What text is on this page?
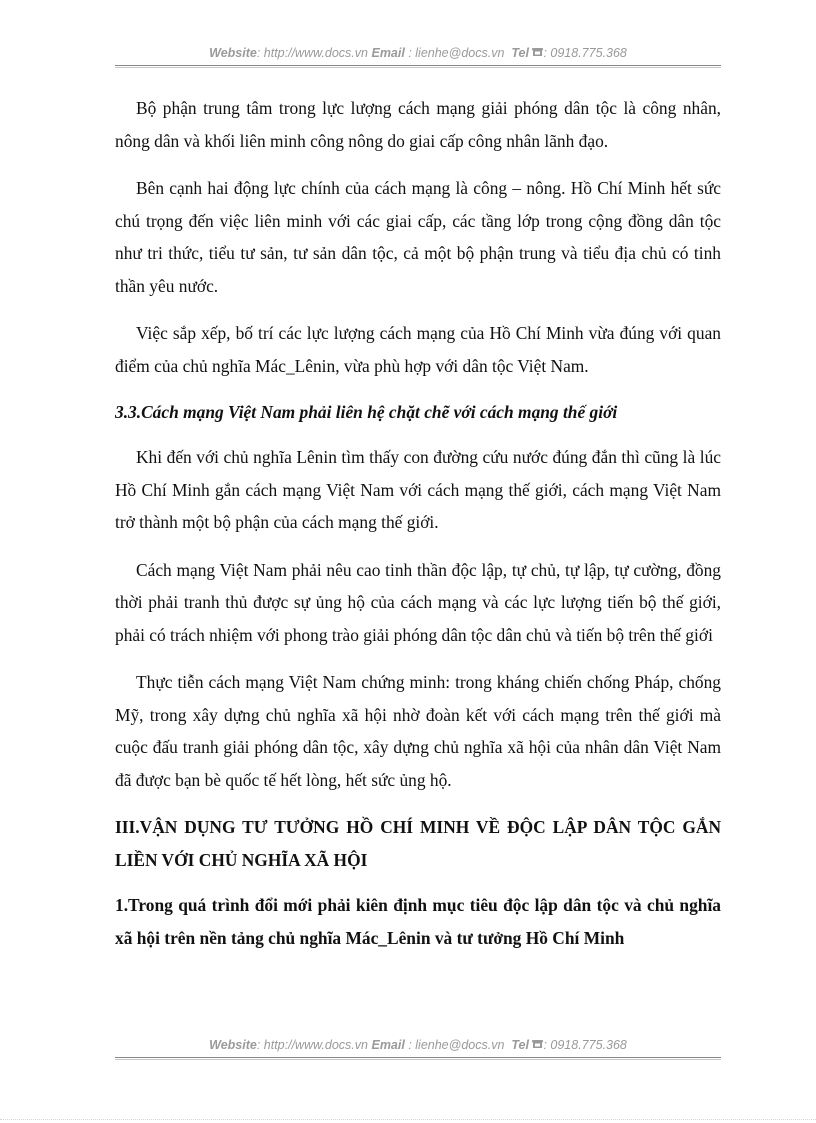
Website: http://www.docs.vn Email : lienhe@docs.vn Tel : 0918.775.368

Bộ phận trung tâm trong lực lượng cách mạng giải phóng dân tộc là công nhân, nông dân và khối liên minh công nông do giai cấp công nhân lãnh đạo.

Bên cạnh hai động lực chính của cách mạng là công – nông. Hồ Chí Minh hết sức chú trọng đến việc liên minh với các giai cấp, các tầng lớp trong cộng đồng dân tộc như tri thức, tiểu tư sản, tư sản dân tộc, cả một bộ phận trung và tiểu địa chủ có tinh thần yêu nước.

Việc sắp xếp, bố trí các lực lượng cách mạng của Hồ Chí Minh vừa đúng với quan điểm của chủ nghĩa Mác_Lênin, vừa phù hợp với dân tộc Việt Nam.

3.3.Cách mạng Việt Nam phải liên hệ chặt chẽ với cách mạng thế giới

Khi đến với chủ nghĩa Lênin tìm thấy con đường cứu nước đúng đắn thì cũng là lúc Hồ Chí Minh gắn cách mạng Việt Nam với cách mạng thế giới, cách mạng Việt Nam trở thành một bộ phận của cách mạng thế giới.

Cách mạng Việt Nam phải nêu cao tinh thần độc lập, tự chủ, tự lập, tự cường, đồng thời phải tranh thủ được sự ủng hộ của cách mạng và các lực lượng tiến bộ thế giới, phải có trách nhiệm với phong trào giải phóng dân tộc dân chủ và tiến bộ trên thế giới

Thực tiễn cách mạng Việt Nam chứng minh: trong kháng chiến chống Pháp, chống Mỹ, trong xây dựng chủ nghĩa xã hội nhờ đoàn kết với cách mạng trên thế giới mà cuộc đấu tranh giải phóng dân tộc, xây dựng chủ nghĩa xã hội của nhân dân Việt Nam đã được bạn bè quốc tế hết lòng, hết sức ủng hộ.

III.VẬN DỤNG TƯ TƯỞNG HỒ CHÍ MINH VỀ ĐỘC LẬP DÂN TỘC GẮN LIỀN VỚI CHỦ NGHĨA XÃ HỘI

1.Trong quá trình đổi mới phải kiên định mục tiêu độc lập dân tộc và chủ nghĩa xã hội trên nền tảng chủ nghĩa Mác_Lênin và tư tưởng Hồ Chí Minh

Website: http://www.docs.vn Email : lienhe@docs.vn Tel : 0918.775.368
